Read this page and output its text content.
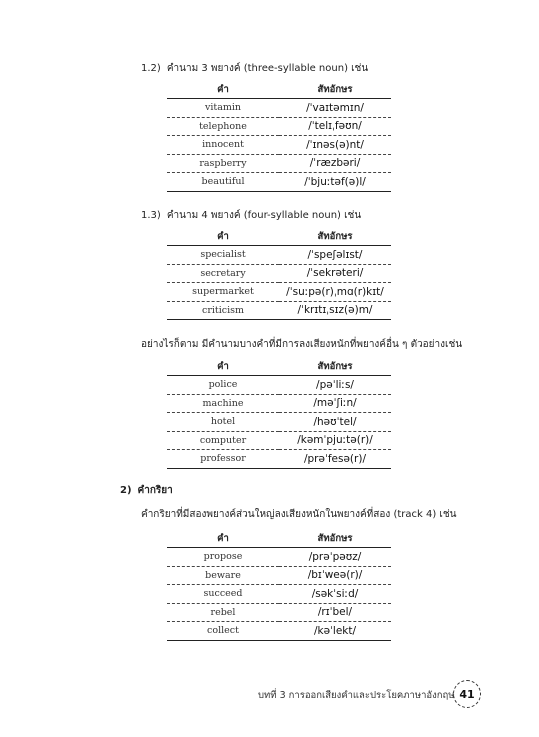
1.2) คำนาม 3 พยางค์ (three-syllable noun) เช่น
คำ	สัทอักษร
vitamin	/ˈvaɪtəmɪn/
telephone	/ˈtelɪˌfəʊn/
innocent	/ˈɪnəs(ə)nt/
raspberry	/ˈræzbəri/
beautiful	/ˈbjuːtəf(ə)l/
1.3) คำนาม 4 พยางค์ (four-syllable noun) เช่น
คำ	สัทอักษร
specialist	/ˈspeʃəlɪst/
secretary	/ˈsekrəteri/
supermarket	/ˈsuːpə(r)ˌmɑ(r)kɪt/
criticism	/ˈkrɪtɪˌsɪz(ə)m/
อย่างไรก็ตาม มีคำนามบางคำที่มีการลงเสียงหนักที่พยางค์อื่น ๆ ตัวอย่างเช่น
คำ	สัทอักษร
police	/pəˈliːs/
machine	/məˈʃiːn/
hotel	/həʊˈtel/
computer	/kəmˈpjuːtə(r)/
professor	/prəˈfesə(r)/
2) คำกริยา
คำกริยาที่มีสองพยางค์ส่วนใหญ่ลงเสียงหนักในพยางค์ที่สอง (track 4) เช่น
คำ	สัทอักษร
propose	/prəˈpəʊz/
beware	/bɪˈweə(r)/
succeed	/səkˈsiːd/
rebel	/rɪˈbel/
collect	/kəˈlekt/
บทที่ 3 การออกเสียงคำและประโยคภาษาอังกฤษ 41
